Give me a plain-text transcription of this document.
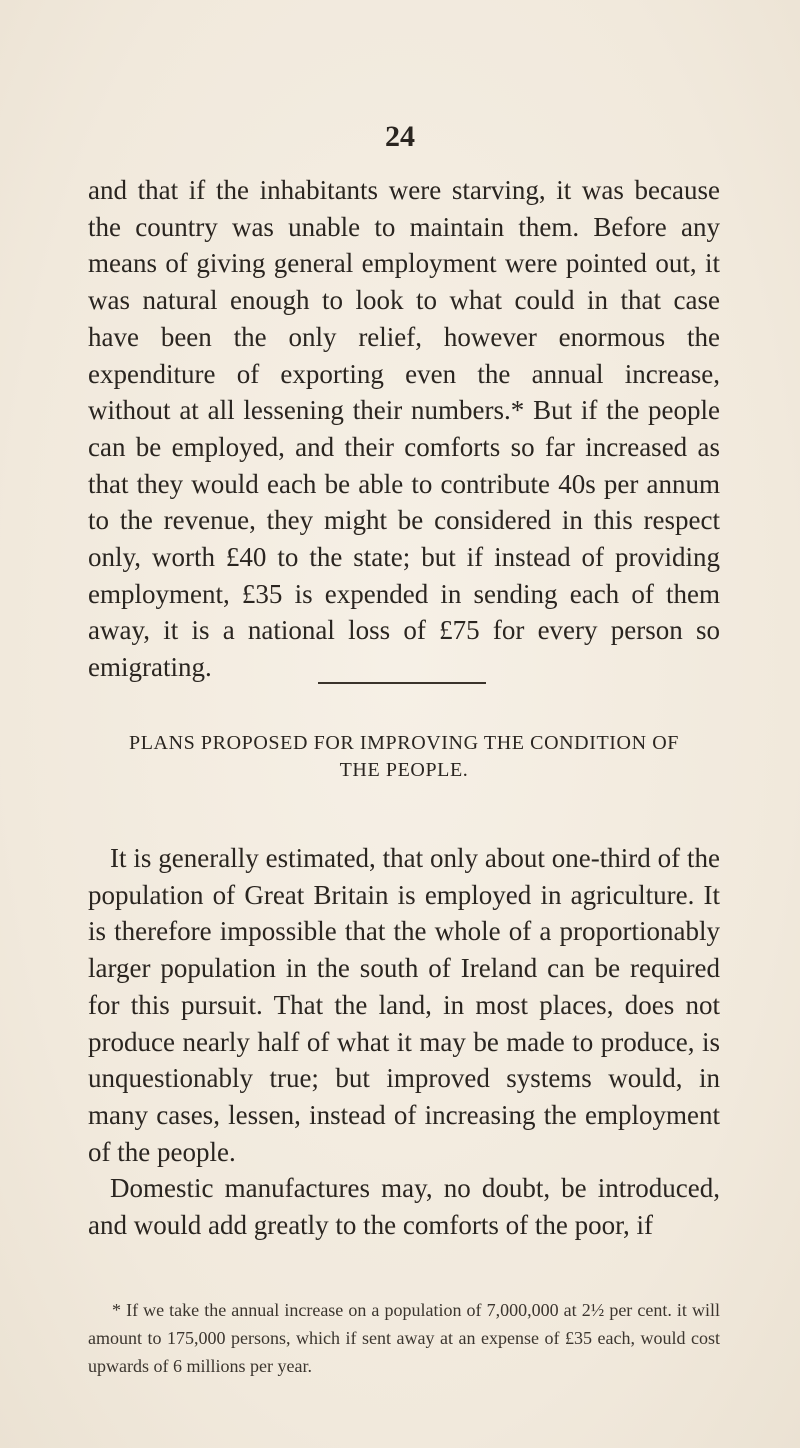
24

and that if the inhabitants were starving, it was because the country was unable to maintain them. Before any means of giving general employment were pointed out, it was natural enough to look to what could in that case have been the only relief, however enormous the expenditure of exporting even the annual increase, without at all lessening their numbers.* But if the people can be employed, and their comforts so far increased as that they would each be able to contribute 40s per annum to the revenue, they might be considered in this respect only, worth £40 to the state; but if instead of providing employment, £35 is expended in sending each of them away, it is a national loss of £75 for every person so emigrating.

PLANS PROPOSED FOR IMPROVING THE CONDITION OF
THE PEOPLE.

It is generally estimated, that only about one-third of the population of Great Britain is employed in agriculture. It is therefore impossible that the whole of a proportionably larger population in the south of Ireland can be required for this pursuit. That the land, in most places, does not produce nearly half of what it may be made to produce, is unquestionably true; but improved systems would, in many cases, lessen, instead of increasing the employment of the people.

Domestic manufactures may, no doubt, be introduced, and would add greatly to the comforts of the poor, if

* If we take the annual increase on a population of 7,000,000 at 2½ per cent. it will amount to 175,000 persons, which if sent away at an expense of £35 each, would cost upwards of 6 millions per year.
